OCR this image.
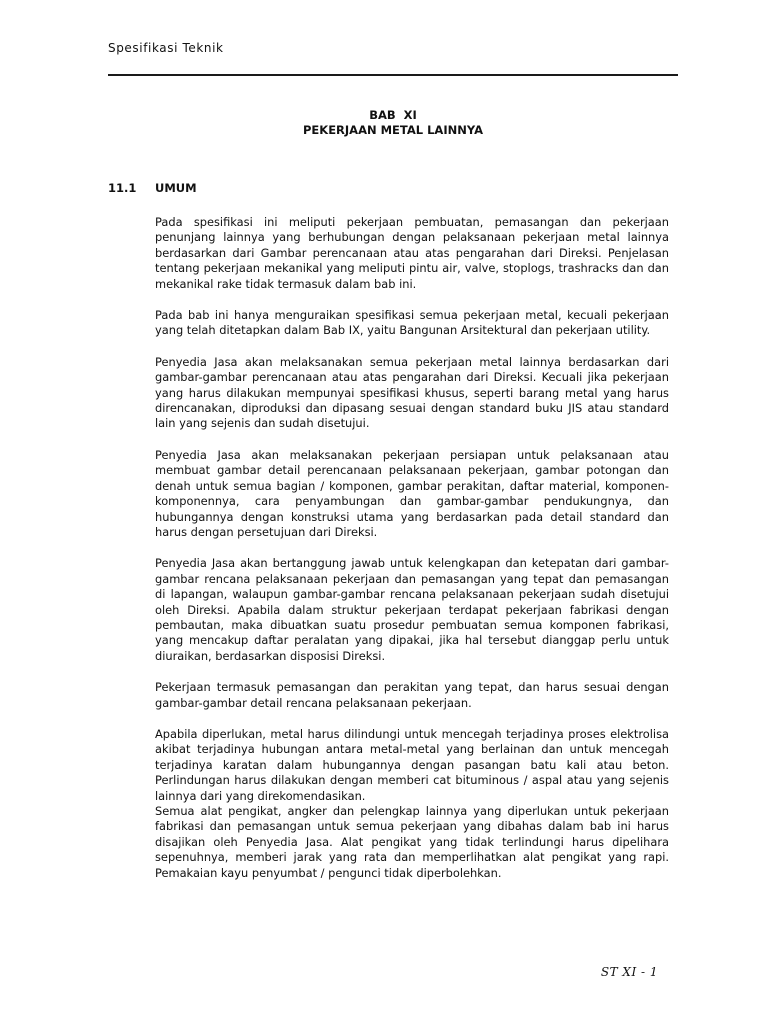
Spesifikasi Teknik
BAB  XI
PEKERJAAN METAL LAINNYA
11.1 UMUM

Pada spesifikasi ini meliputi pekerjaan pembuatan, pemasangan dan pekerjaan penunjang lainnya yang berhubungan dengan pelaksanaan pekerjaan metal lainnya berdasarkan dari Gambar perencanaan atau atas pengarahan dari Direksi. Penjelasan tentang pekerjaan mekanikal yang meliputi pintu air, valve, stoplogs, trashracks dan dan mekanikal rake tidak termasuk dalam bab ini.

Pada bab ini hanya menguraikan spesifikasi semua pekerjaan metal, kecuali pekerjaan yang telah ditetapkan dalam Bab IX, yaitu Bangunan Arsitektural dan pekerjaan utility.

Penyedia Jasa akan melaksanakan semua pekerjaan metal lainnya berdasarkan dari gambar-gambar perencanaan atau atas pengarahan dari Direksi. Kecuali jika pekerjaan yang harus dilakukan mempunyai spesifikasi khusus, seperti barang metal yang harus direncanakan, diproduksi dan dipasang sesuai dengan standard buku JIS atau standard lain yang sejenis dan sudah disetujui.

Penyedia Jasa akan melaksanakan pekerjaan persiapan untuk pelaksanaan atau membuat gambar detail perencanaan pelaksanaan pekerjaan, gambar potongan dan denah untuk semua bagian / komponen, gambar perakitan, daftar material, komponen-komponennya, cara penyambungan dan gambar-gambar pendukungnya, dan hubungannya dengan konstruksi utama yang berdasarkan pada detail standard dan harus dengan persetujuan dari Direksi.

Penyedia Jasa akan bertanggung jawab untuk kelengkapan dan ketepatan dari gambar-gambar rencana pelaksanaan pekerjaan dan pemasangan yang tepat dan pemasangan di lapangan, walaupun gambar-gambar rencana pelaksanaan pekerjaan sudah disetujui oleh Direksi. Apabila dalam struktur pekerjaan terdapat pekerjaan fabrikasi dengan pembautan, maka dibuatkan suatu prosedur pembuatan semua komponen fabrikasi, yang mencakup daftar peralatan yang dipakai, jika hal tersebut dianggap perlu untuk diuraikan, berdasarkan disposisi Direksi.

Pekerjaan termasuk pemasangan dan perakitan yang tepat, dan harus sesuai dengan gambar-gambar detail rencana pelaksanaan pekerjaan.

Apabila diperlukan, metal harus dilindungi untuk mencegah terjadinya proses elektrolisa akibat terjadinya hubungan antara metal-metal yang berlainan dan untuk mencegah terjadinya karatan dalam hubungannya dengan pasangan batu kali atau beton. Perlindungan harus dilakukan dengan memberi cat bituminous / aspal atau yang sejenis lainnya dari yang direkomendasikan.

Semua alat pengikat, angker dan pelengkap lainnya yang diperlukan untuk pekerjaan fabrikasi dan pemasangan untuk semua pekerjaan yang dibahas dalam bab ini harus disajikan oleh Penyedia Jasa. Alat pengikat yang tidak terlindungi harus dipelihara sepenuhnya, memberi jarak yang rata dan memperlihatkan alat pengikat yang rapi. Pemakaian kayu penyumbat / pengunci tidak diperbolehkan.

ST XI - 1
